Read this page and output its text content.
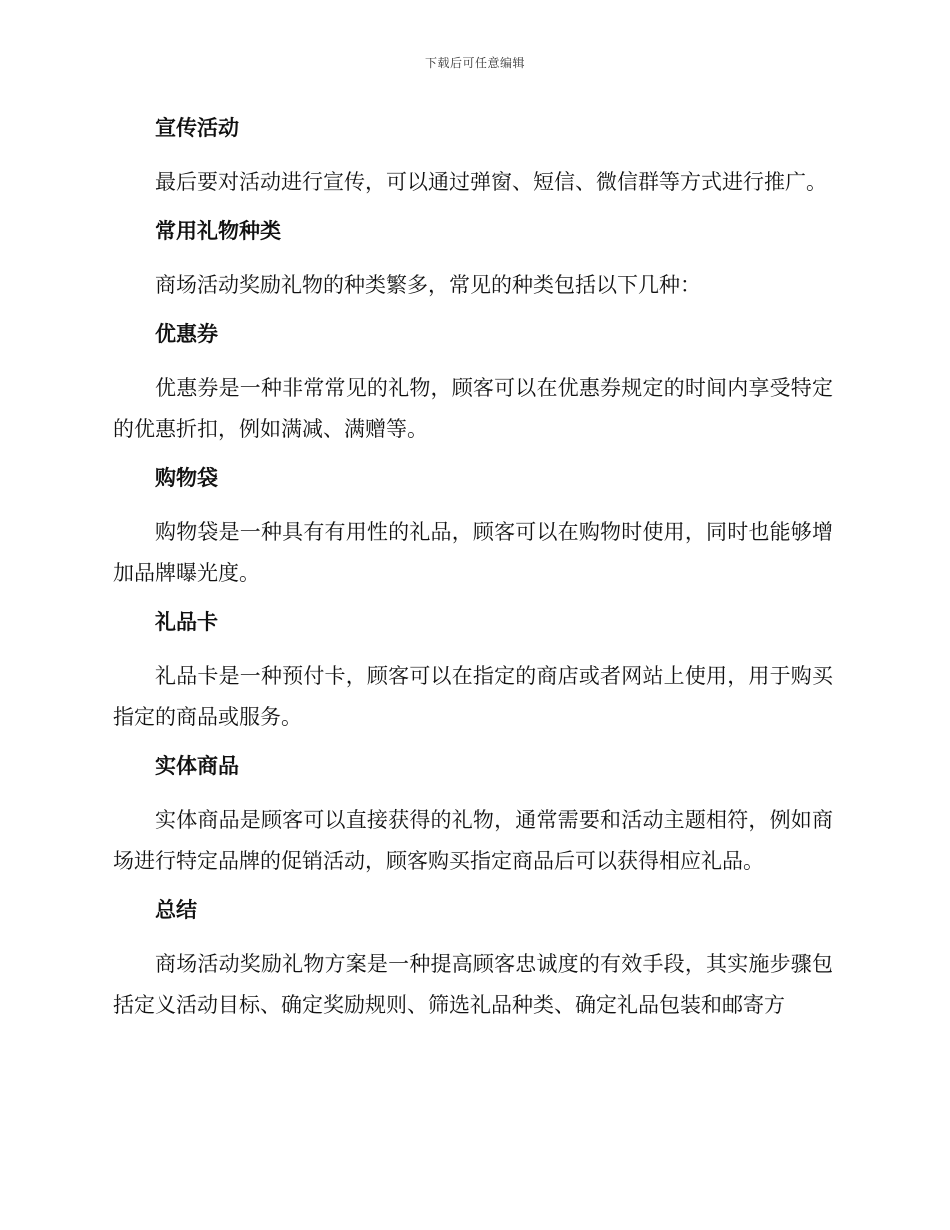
下载后可任意编辑
宣传活动

最后要对活动进行宣传，可以通过弹窗、短信、微信群等方式进行推广。

常用礼物种类

商场活动奖励礼物的种类繁多，常见的种类包括以下几种：

优惠券

优惠券是一种非常常见的礼物，顾客可以在优惠券规定的时间内享受特定的优惠折扣，例如满减、满赠等。

购物袋

购物袋是一种具有有用性的礼品，顾客可以在购物时使用，同时也能够增加品牌曝光度。

礼品卡

礼品卡是一种预付卡，顾客可以在指定的商店或者网站上使用，用于购买指定的商品或服务。

实体商品

实体商品是顾客可以直接获得的礼物，通常需要和活动主题相符，例如商场进行特定品牌的促销活动，顾客购买指定商品后可以获得相应礼品。

总结

商场活动奖励礼物方案是一种提高顾客忠诚度的有效手段，其实施步骤包括定义活动目标、确定奖励规则、筛选礼品种类、确定礼品包装和邮寄方
